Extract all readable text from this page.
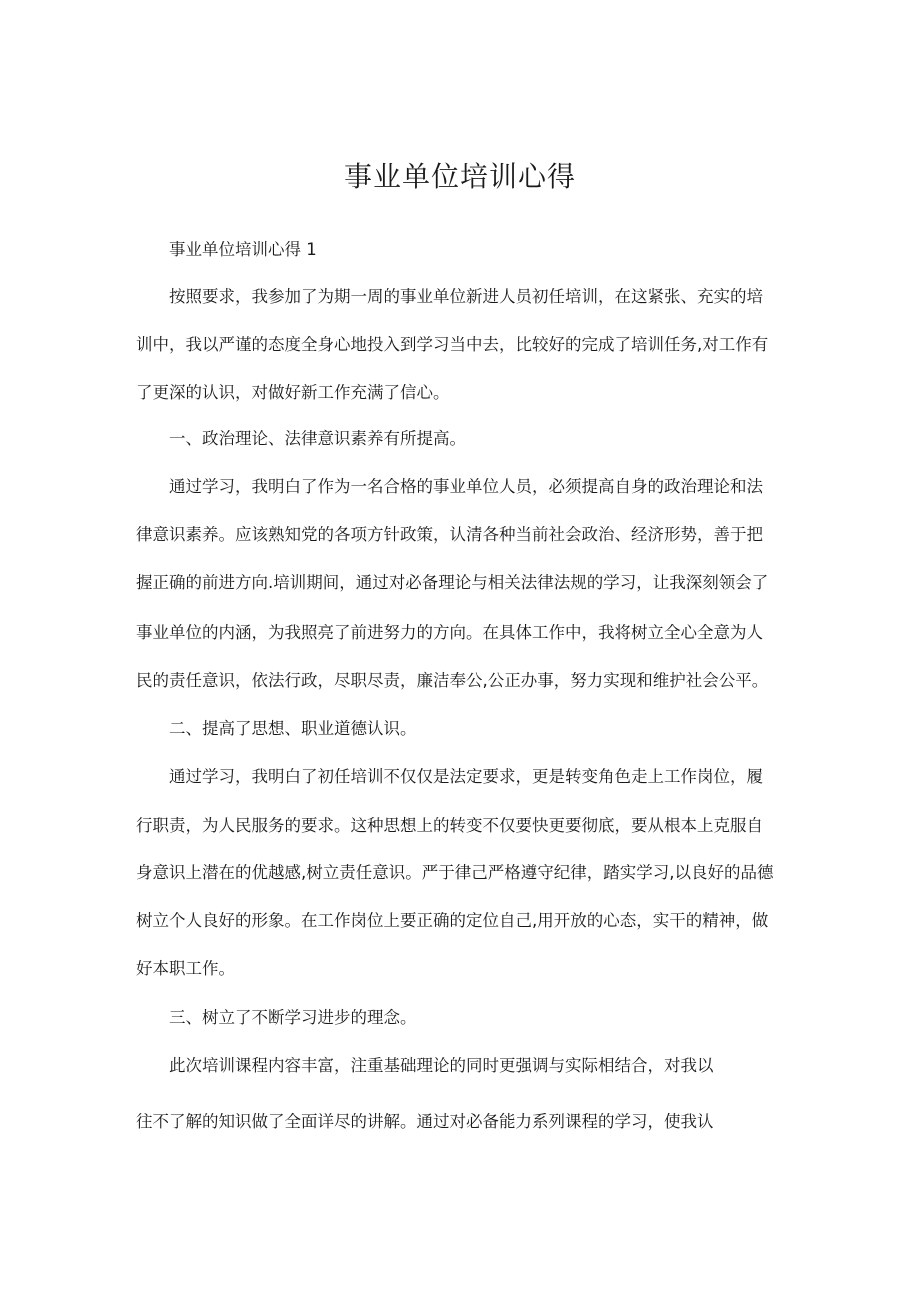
事业单位培训心得
事业单位培训心得 1
按照要求，我参加了为期一周的事业单位新进人员初任培训，在这紧张、充实的培
训中，我以严谨的态度全身心地投入到学习当中去，比较好的完成了培训任务,对工作有
了更深的认识，对做好新工作充满了信心。
一、政治理论、法律意识素养有所提高。
通过学习，我明白了作为一名合格的事业单位人员，必须提高自身的政治理论和法
律意识素养。应该熟知党的各项方针政策，认清各种当前社会政治、经济形势，善于把
握正确的前进方向.培训期间，通过对必备理论与相关法律法规的学习，让我深刻领会了
事业单位的内涵，为我照亮了前进努力的方向。在具体工作中，我将树立全心全意为人
民的责任意识，依法行政，尽职尽责，廉洁奉公,公正办事，努力实现和维护社会公平。
二、提高了思想、职业道德认识。
通过学习，我明白了初任培训不仅仅是法定要求，更是转变角色走上工作岗位，履
行职责，为人民服务的要求。这种思想上的转变不仅要快更要彻底，要从根本上克服自
身意识上潜在的优越感,树立责任意识。严于律己严格遵守纪律，踏实学习,以良好的品德
树立个人良好的形象。在工作岗位上要正确的定位自己,用开放的心态，实干的精神，做
好本职工作。
三、树立了不断学习进步的理念。
此次培训课程内容丰富，注重基础理论的同时更强调与实际相结合，对我以
往不了解的知识做了全面详尽的讲解。通过对必备能力系列课程的学习，使我认
